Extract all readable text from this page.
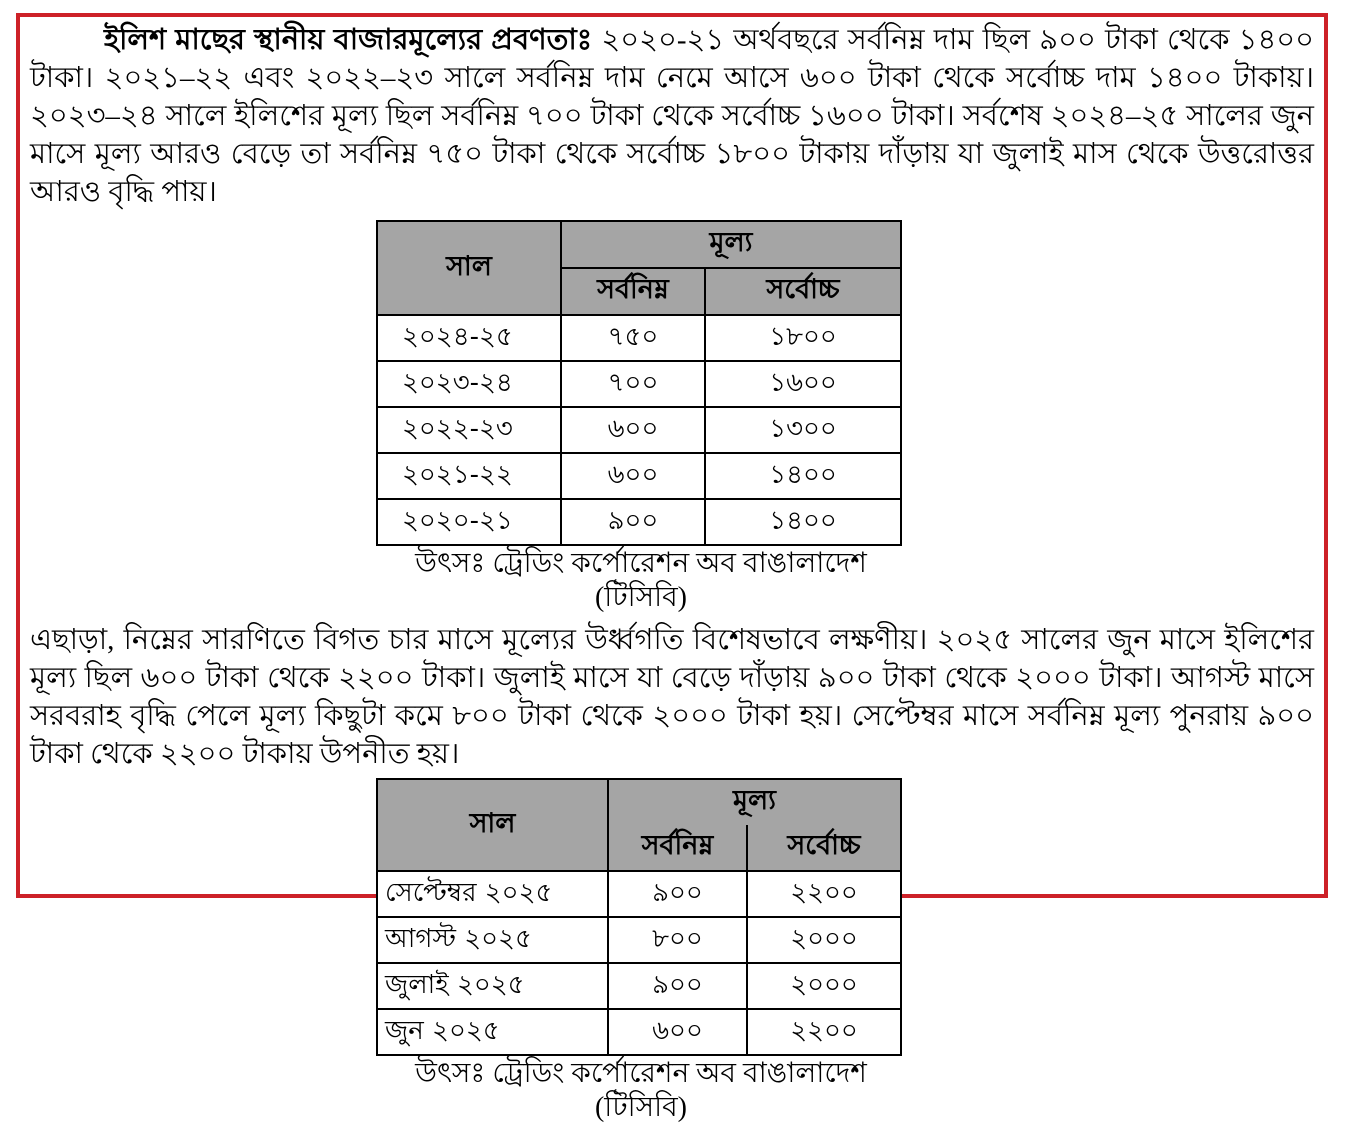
ইলিশ মাছের স্থানীয় বাজারমূল্যের প্রবণতাঃ ২০২০-২১ অর্থবছরে সর্বনিম্ন দাম ছিল ৯০০ টাকা থেকে ১৪০০ টাকা। ২০২১–২২ এবং ২০২২–২৩ সালে সর্বনিম্ন দাম নেমে আসে ৬০০ টাকা থেকে সর্বোচ্চ দাম ১৪০০ টাকায়। ২০২৩–২৪ সালে ইলিশের মূল্য ছিল সর্বনিম্ন ৭০০ টাকা থেকে সর্বোচ্চ ১৬০০ টাকা। সর্বশেষ ২০২৪–২৫ সালের জুন মাসে মূল্য আরও বেড়ে তা সর্বনিম্ন ৭৫০ টাকা থেকে সর্বোচ্চ ১৮০০ টাকায় দাঁড়ায় যা জুলাই মাস থেকে উত্তরোত্তর আরও বৃদ্ধি পায়।

সাল	মূল্য	
	সর্বনিম্ন	সর্বোচ্চ
২০২৪-২৫	৭৫০	১৮০০
২০২৩-২৪	৭০০	১৬০০
২০২২-২৩	৬০০	১৩০০
২০২১-২২	৬০০	১৪০০
২০২০-২১	৯০০	১৪০০
উৎসঃ ট্রেডিং কর্পোরেশন অব বাঙালাদেশ (টিসিবি)

এছাড়া, নিম্নের সারণিতে বিগত চার মাসে মূল্যের উর্ধ্বগতি বিশেষভাবে লক্ষণীয়। ২০২৫ সালের জুন মাসে ইলিশের মূল্য ছিল ৬০০ টাকা থেকে ২২০০ টাকা। জুলাই মাসে যা বেড়ে দাঁড়ায় ৯০০ টাকা থেকে ২০০০ টাকা। আগস্ট মাসে সরবরাহ বৃদ্ধি পেলে মূল্য কিছুটা কমে ৮০০ টাকা থেকে ২০০০ টাকা হয়। সেপ্টেম্বর মাসে সর্বনিম্ন মূল্য পুনরায় ৯০০ টাকা থেকে ২২০০ টাকায় উপনীত হয়।

সাল	মূল্য	
	সর্বনিম্ন	সর্বোচ্চ
সেপ্টেম্বর ২০২৫	৯০০	২২০০
আগস্ট ২০২৫	৮০০	২০০০
জুলাই ২০২৫	৯০০	২০০০
জুন ২০২৫	৬০০	২২০০
উৎসঃ ট্রেডিং কর্পোরেশন অব বাঙালাদেশ (টিসিবি)
